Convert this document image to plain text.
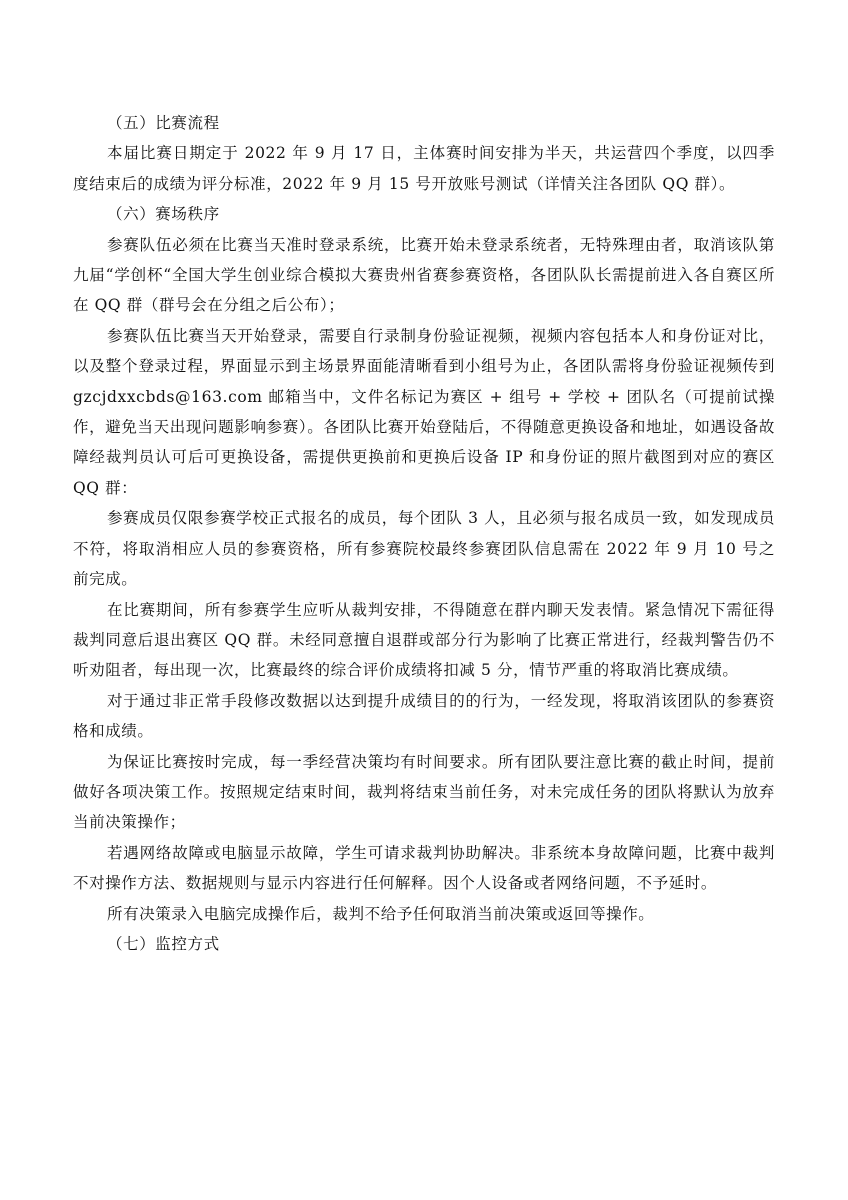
（五）比赛流程

本届比赛日期定于 2022 年 9 月 17 日，主体赛时间安排为半天，共运营四个季度，以四季度结束后的成绩为评分标准，2022 年 9 月 15 号开放账号测试（详情关注各团队 QQ 群）。

（六）赛场秩序

参赛队伍必须在比赛当天准时登录系统，比赛开始未登录系统者，无特殊理由者，取消该队第九届“学创杯“全国大学生创业综合模拟大赛贵州省赛参赛资格，各团队队长需提前进入各自赛区所在 QQ 群（群号会在分组之后公布）；

参赛队伍比赛当天开始登录，需要自行录制身份验证视频，视频内容包括本人和身份证对比，以及整个登录过程，界面显示到主场景界面能清晰看到小组号为止，各团队需将身份验证视频传到 gzcjdxxcbds@163.com 邮箱当中，文件名标记为赛区 + 组号 + 学校 + 团队名（可提前试操作，避免当天出现问题影响参赛）。各团队比赛开始登陆后，不得随意更换设备和地址，如遇设备故障经裁判员认可后可更换设备，需提供更换前和更换后设备 IP 和身份证的照片截图到对应的赛区 QQ 群：

参赛成员仅限参赛学校正式报名的成员，每个团队 3 人，且必须与报名成员一致，如发现成员不符，将取消相应人员的参赛资格，所有参赛院校最终参赛团队信息需在 2022 年 9 月 10 号之前完成。

在比赛期间，所有参赛学生应听从裁判安排，不得随意在群内聊天发表情。紧急情况下需征得裁判同意后退出赛区 QQ 群。未经同意擅自退群或部分行为影响了比赛正常进行，经裁判警告仍不听劝阻者，每出现一次，比赛最终的综合评价成绩将扣减 5 分，情节严重的将取消比赛成绩。

对于通过非正常手段修改数据以达到提升成绩目的的行为，一经发现，将取消该团队的参赛资格和成绩。

为保证比赛按时完成，每一季经营决策均有时间要求。所有团队要注意比赛的截止时间，提前做好各项决策工作。按照规定结束时间，裁判将结束当前任务，对未完成任务的团队将默认为放弃当前决策操作；

若遇网络故障或电脑显示故障，学生可请求裁判协助解决。非系统本身故障问题，比赛中裁判不对操作方法、数据规则与显示内容进行任何解释。因个人设备或者网络问题，不予延时。

所有决策录入电脑完成操作后，裁判不给予任何取消当前决策或返回等操作。

（七）监控方式
